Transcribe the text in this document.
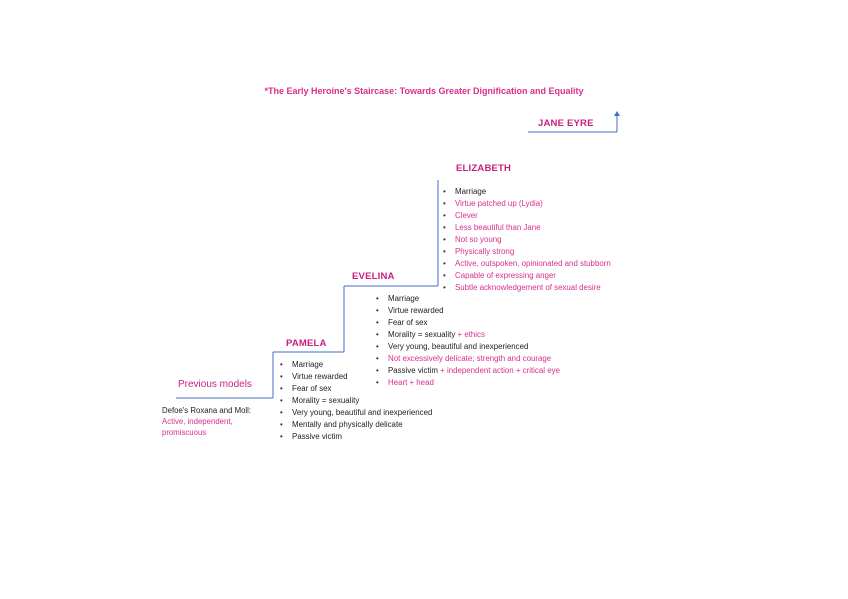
*The Early Heroine's Staircase: Towards Greater Dignification and Equality
JANE EYRE
ELIZABETH
• Marriage
• Virtue patched up (Lydia)
• Clever
• Less beautiful than Jane
• Not so young
• Physically strong
• Active, outspoken, opinionated and stubborn
• Capable of expressing anger
• Subtle acknowledgement of sexual desire
EVELINA
• Marriage
• Virtue rewarded
• Fear of sex
• Morality = sexuality + ethics
• Very young, beautiful and inexperienced
• Not excessively delicate; strength and courage
• Passive victim + independent action + critical eye
• Heart + head
PAMELA
• Marriage
• Virtue rewarded
• Fear of sex
• Morality = sexuality
• Very young, beautiful and inexperienced
• Mentally and physically delicate
• Passive victim
Previous models
Defoe's Roxana and Moll:
Active, independent,
promiscuous
